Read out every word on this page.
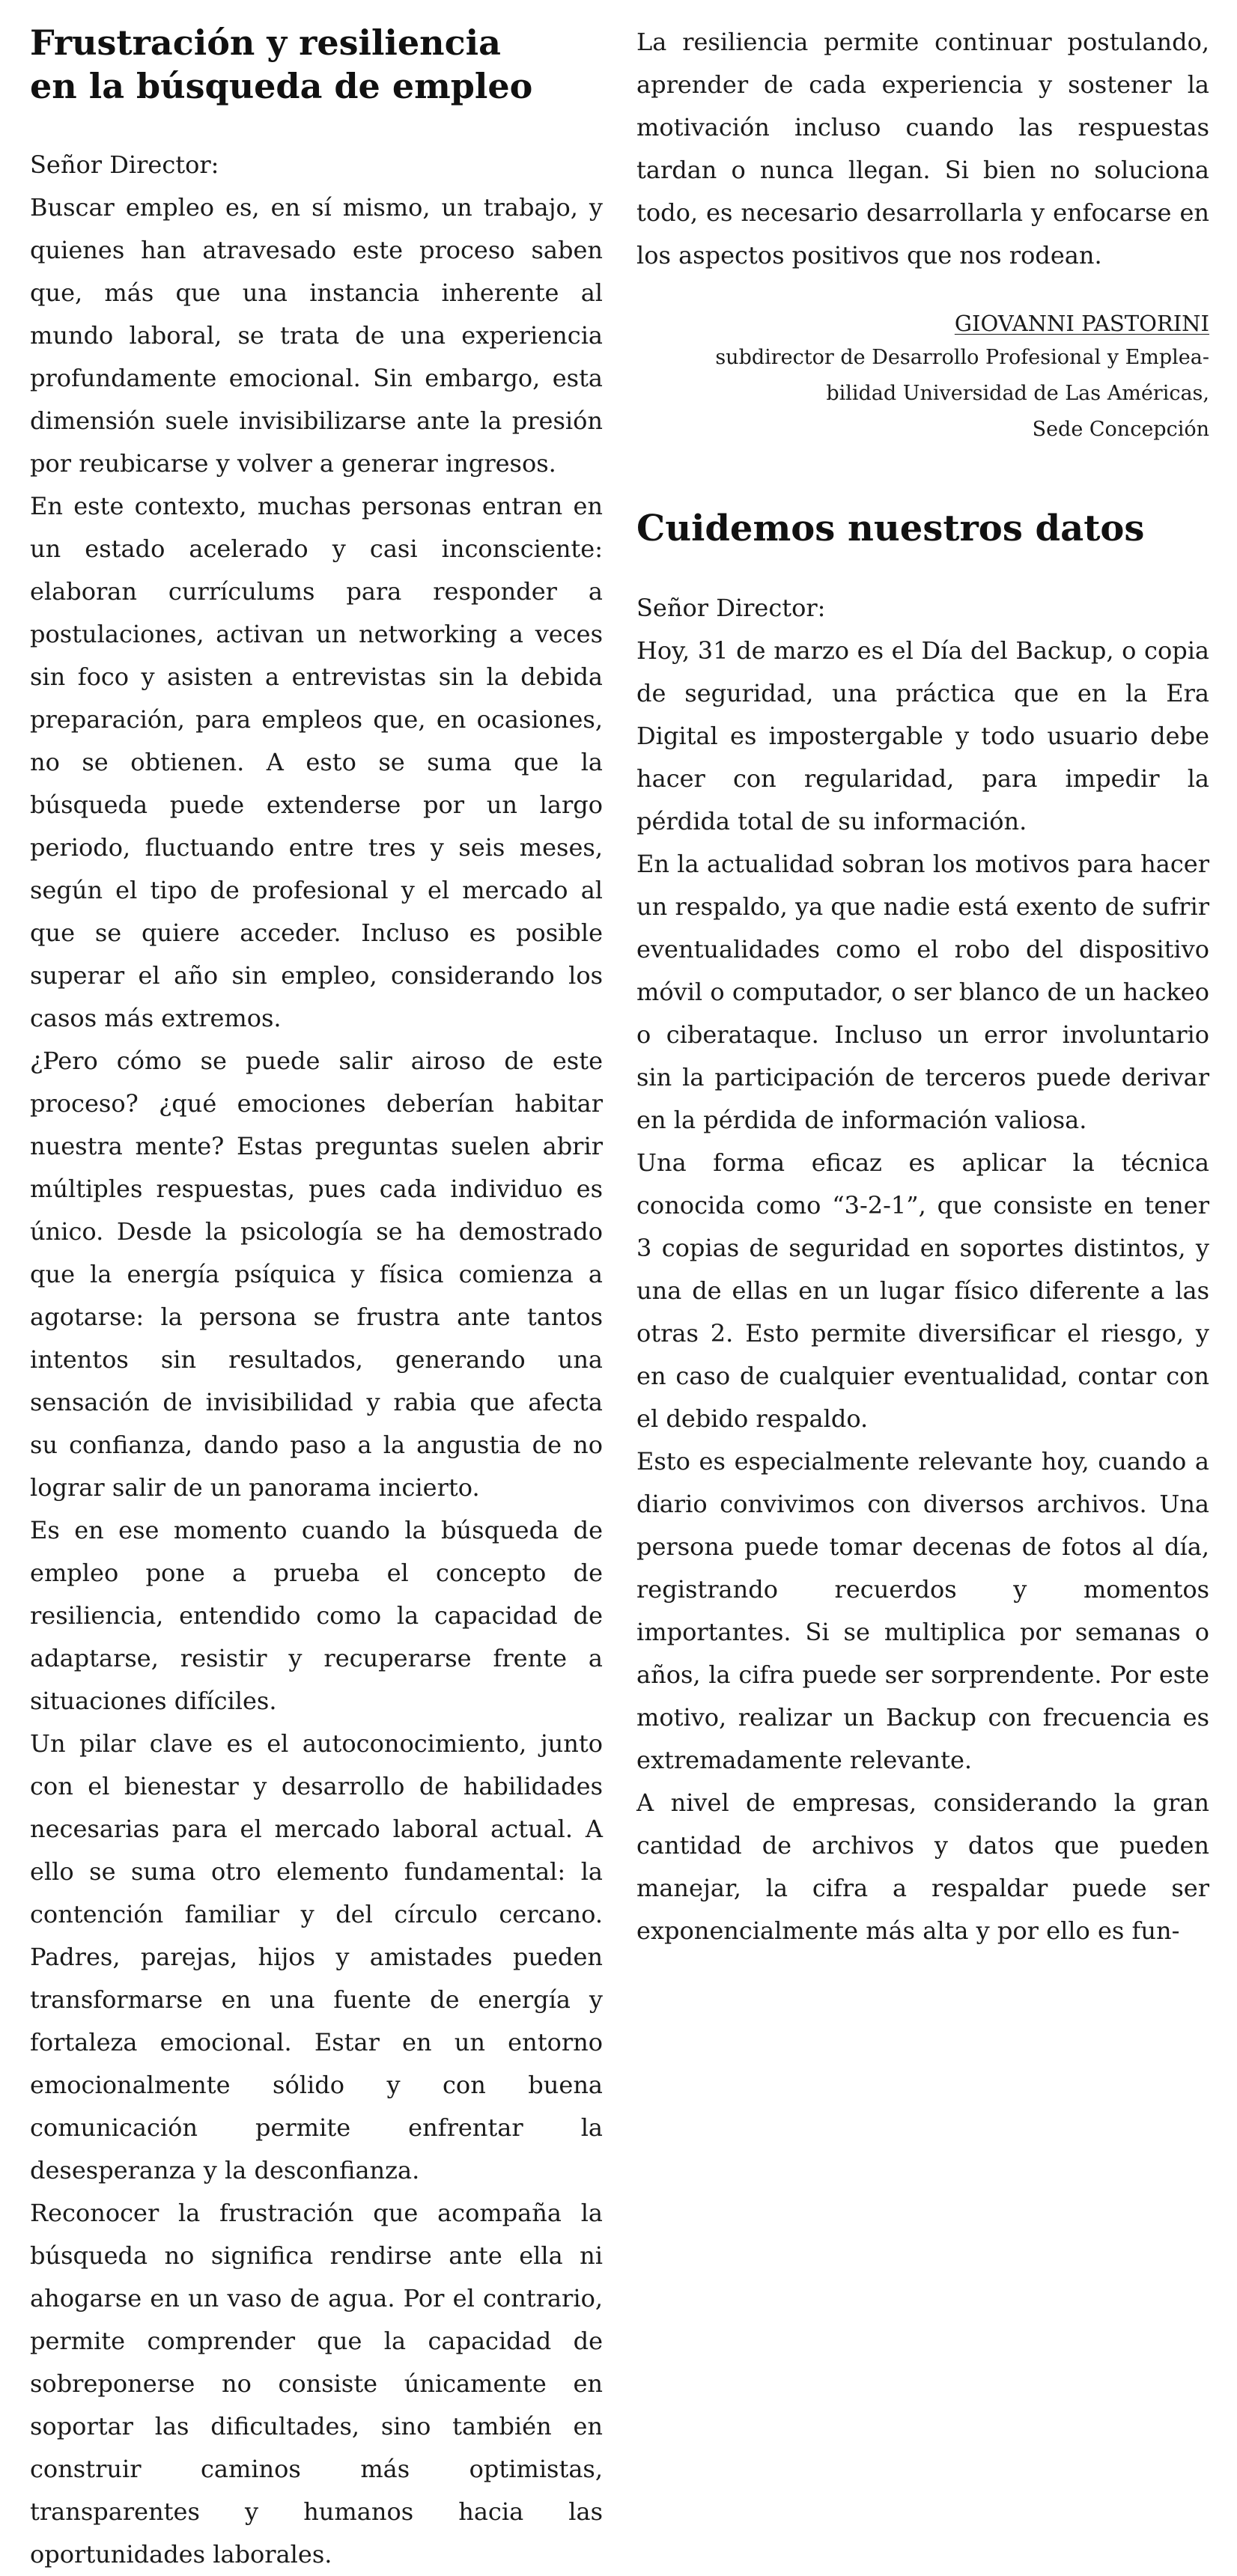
Frustración y resiliencia
en la búsqueda de empleo

Señor Director:

Buscar empleo es, en sí mismo, un trabajo, y quienes han atravesado este proceso saben que, más que una instancia inherente al mundo laboral, se trata de una experiencia profundamente emocional. Sin embargo, esta dimensión suele invisibilizarse ante la presión por reubicarse y volver a generar ingresos.

En este contexto, muchas personas entran en un estado acelerado y casi inconsciente: elaboran currículums para responder a postulaciones, activan un networking a veces sin foco y asisten a entrevistas sin la debida preparación, para empleos que, en ocasiones, no se obtienen. A esto se suma que la búsqueda puede extenderse por un largo periodo, fluctuando entre tres y seis meses, según el tipo de profesional y el mercado al que se quiere acceder. Incluso es posible superar el año sin empleo, considerando los casos más extremos.

¿Pero cómo se puede salir airoso de este proceso? ¿qué emociones deberían habitar nuestra mente? Estas preguntas suelen abrir múltiples respuestas, pues cada individuo es único. Desde la psicología se ha demostrado que la energía psíquica y física comienza a agotarse: la persona se frustra ante tantos intentos sin resultados, generando una sensación de invisibilidad y rabia que afecta su confianza, dando paso a la angustia de no lograr salir de un panorama incierto.

Es en ese momento cuando la búsqueda de empleo pone a prueba el concepto de resiliencia, entendido como la capacidad de adaptarse, resistir y recuperarse frente a situaciones difíciles.

Un pilar clave es el autoconocimiento, junto con el bienestar y desarrollo de habilidades necesarias para el mercado laboral actual. A ello se suma otro elemento fundamental: la contención familiar y del círculo cercano. Padres, parejas, hijos y amistades pueden transformarse en una fuente de energía y fortaleza emocional. Estar en un entorno emocionalmente sólido y con buena comunicación permite enfrentar la desesperanza y la desconfianza.

Reconocer la frustración que acompaña la búsqueda no significa rendirse ante ella ni ahogarse en un vaso de agua. Por el contrario, permite comprender que la capacidad de sobreponerse no consiste únicamente en soportar las dificultades, sino también en construir caminos más optimistas, transparentes y humanos hacia las oportunidades laborales.

La resiliencia permite continuar postulando, aprender de cada experiencia y sostener la motivación incluso cuando las respuestas tardan o nunca llegan. Si bien no soluciona todo, es necesario desarrollarla y enfocarse en los aspectos positivos que nos rodean.

GIOVANNI PASTORINI
subdirector de Desarrollo Profesional y Emplea-
bilidad Universidad de Las Américas,
Sede Concepción
Cuidemos nuestros datos

Señor Director:

Hoy, 31 de marzo es el Día del Backup, o copia de seguridad, una práctica que en la Era Digital es impostergable y todo usuario debe hacer con regularidad, para impedir la pérdida total de su información.

En la actualidad sobran los motivos para hacer un respaldo, ya que nadie está exento de sufrir eventualidades como el robo del dispositivo móvil o computador, o ser blanco de un hackeo o ciberataque. Incluso un error involuntario sin la participación de terceros puede derivar en la pérdida de información valiosa.

Una forma eficaz es aplicar la técnica conocida como “3-2-1”, que consiste en tener 3 copias de seguridad en soportes distintos, y una de ellas en un lugar físico diferente a las otras 2. Esto permite diversificar el riesgo, y en caso de cualquier eventualidad, contar con el debido respaldo.

Esto es especialmente relevante hoy, cuando a diario convivimos con diversos archivos. Una persona puede tomar decenas de fotos al día, registrando recuerdos y momentos importantes. Si se multiplica por semanas o años, la cifra puede ser sorprendente. Por este motivo, realizar un Backup con frecuencia es extremadamente relevante.

A nivel de empresas, considerando la gran cantidad de archivos y datos que pueden manejar, la cifra a respaldar puede ser exponencialmente más alta y por ello es fun-
